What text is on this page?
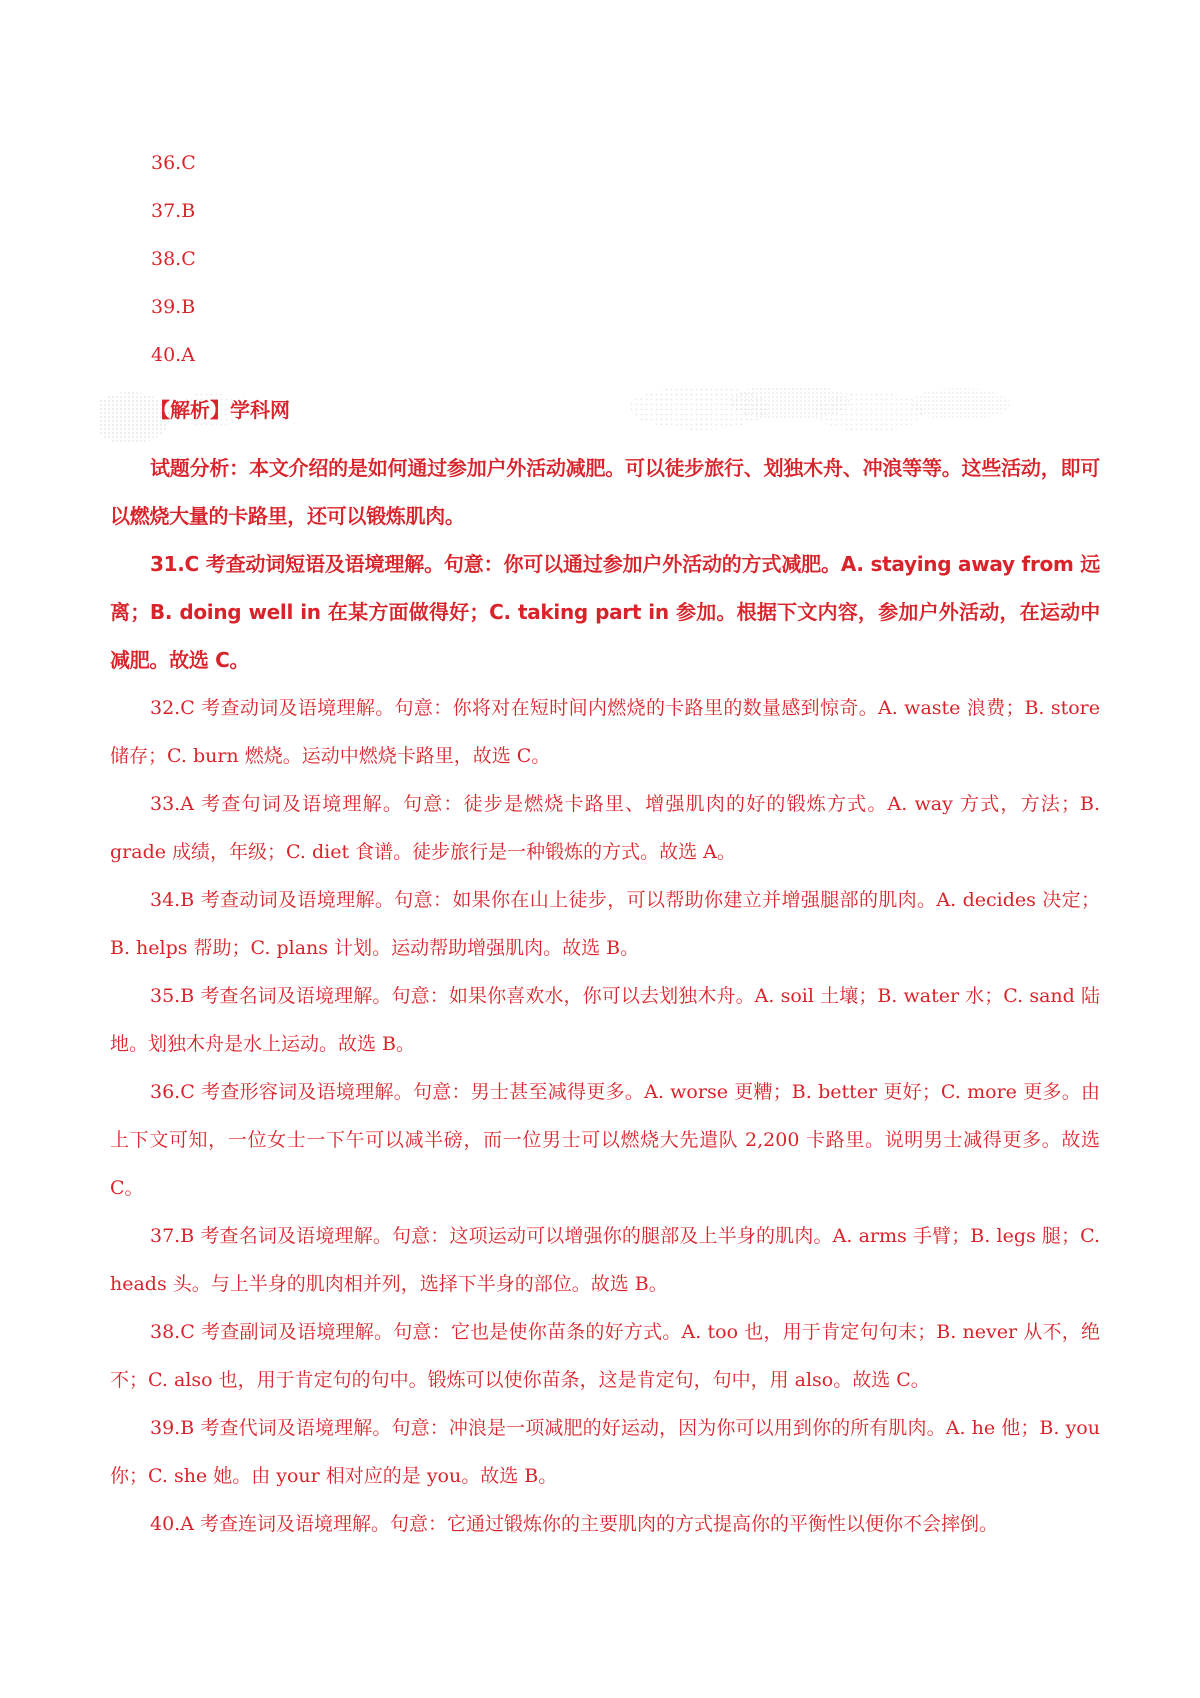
36.C
37.B
38.C
39.B
40.A
【解析】学科网

试题分析：本文介绍的是如何通过参加户外活动减肥。可以徒步旅行、划独木舟、冲浪等等。这些活动，即可以燃烧大量的卡路里，还可以锻炼肌肉。

31.C 考查动词短语及语境理解。句意：你可以通过参加户外活动的方式减肥。A. staying away from 远离；B. doing well in 在某方面做得好；C. taking part in 参加。根据下文内容，参加户外活动，在运动中减肥。故选 C。

32.C 考查动词及语境理解。句意：你将对在短时间内燃烧的卡路里的数量感到惊奇。A. waste 浪费；B. store 储存；C. burn 燃烧。运动中燃烧卡路里，故选 C。

33.A 考查句词及语境理解。句意：徒步是燃烧卡路里、增强肌肉的好的锻炼方式。A. way 方式，方法；B. grade 成绩，年级；C. diet 食谱。徒步旅行是一种锻炼的方式。故选 A。

34.B 考查动词及语境理解。句意：如果你在山上徒步，可以帮助你建立并增强腿部的肌肉。A. decides 决定；B. helps 帮助；C. plans 计划。运动帮助增强肌肉。故选 B。

35.B 考查名词及语境理解。句意：如果你喜欢水，你可以去划独木舟。A. soil 土壤；B. water 水；C. sand 陆地。划独木舟是水上运动。故选 B。

36.C 考查形容词及语境理解。句意：男士甚至减得更多。A. worse 更糟；B. better 更好；C. more 更多。由上下文可知，一位女士一下午可以减半磅，而一位男士可以燃烧大先遣队 2,200 卡路里。说明男士减得更多。故选 C。

37.B 考查名词及语境理解。句意：这项运动可以增强你的腿部及上半身的肌肉。A. arms 手臂；B. legs 腿；C. heads 头。与上半身的肌肉相并列，选择下半身的部位。故选 B。

38.C 考查副词及语境理解。句意：它也是使你苗条的好方式。A. too 也，用于肯定句句末；B. never 从不，绝不；C. also 也，用于肯定句的句中。锻炼可以使你苗条，这是肯定句，句中，用 also。故选 C。

39.B 考查代词及语境理解。句意：冲浪是一项减肥的好运动，因为你可以用到你的所有肌肉。A. he 他；B. you 你；C. she 她。由 your 相对应的是 you。故选 B。

40.A 考查连词及语境理解。句意：它通过锻炼你的主要肌肉的方式提高你的平衡性以便你不会摔倒。
